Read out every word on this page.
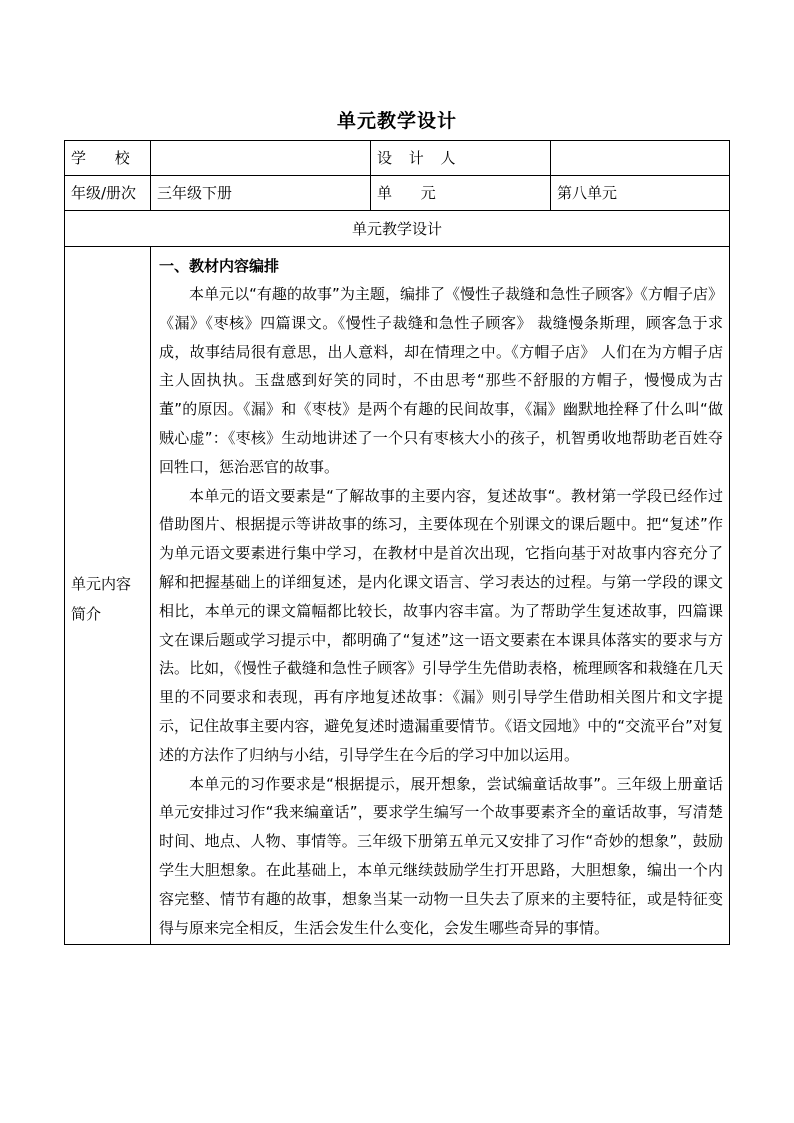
单元教学设计
学 校		设 计 人	
年级/册次	三年级下册	单 元	第八单元
单元教学设计			
单元内容简介	一、教材内容编排

本单元以“有趣的故事”为主题，编排了《慢性子裁缝和急性子顾客》《方帽子店》《漏》《枣核》四篇课文。《慢性子裁缝和急性子顾客》 裁缝慢条斯理，顾客急于求成，故事结局很有意思，出人意料，却在情理之中。《方帽子店》 人们在为方帽子店主人固执执。玉盘感到好笑的同时，不由思考“那些不舒服的方帽子，慢慢成为古董”的原因。《漏》和《枣枝》是两个有趣的民间故事，《漏》幽默地拴释了什么叫“做贼心虚”：《枣核》生动地讲述了一个只有枣核大小的孩子，机智勇收地帮助老百姓夺回牲口，惩治恶官的故事。

本单元的语文要素是“了解故事的主要内容，复述故事“。教材第一学段已经作过借助图片、根据提示等讲故事的练习，主要体现在个别课文的课后题中。把“复述”作为单元语文要素进行集中学习，在教材中是首次出现，它指向基于对故事内容充分了解和把握基础上的详细复述，是内化课文语言、学习表达的过程。与第一学段的课文相比，本单元的课文篇幅都比较长，故事内容丰富。为了帮助学生复述故事，四篇课文在课后题或学习提示中，都明确了“复述”这一语文要素在本课具体落实的要求与方法。比如，《慢性子截缝和急性子顾客》引导学生先借助表格，梳理顾客和栽缝在几天里的不同要求和表现，再有序地复述故事：《漏》则引导学生借助相关图片和文字提示，记住故事主要内容，避免复述时遗漏重要情节。《语文园地》中的“交流平台”对复述的方法作了归纳与小结，引导学生在今后的学习中加以运用。

本单元的习作要求是“根据提示，展开想象，尝试编童话故事”。三年级上册童话单元安排过习作“我来编童话”，要求学生编写一个故事要素齐全的童话故事，写清楚时间、地点、人物、事情等。三年级下册第五单元又安排了习作“奇妙的想象”，鼓励学生大胆想象。在此基础上，本单元继续鼓励学生打开思路，大胆想象，编出一个内容完整、情节有趣的故事，想象当某一动物一旦失去了原来的主要特征，或是特征变得与原来完全相反，生活会发生什么变化，会发生哪些奇异的事情。		
